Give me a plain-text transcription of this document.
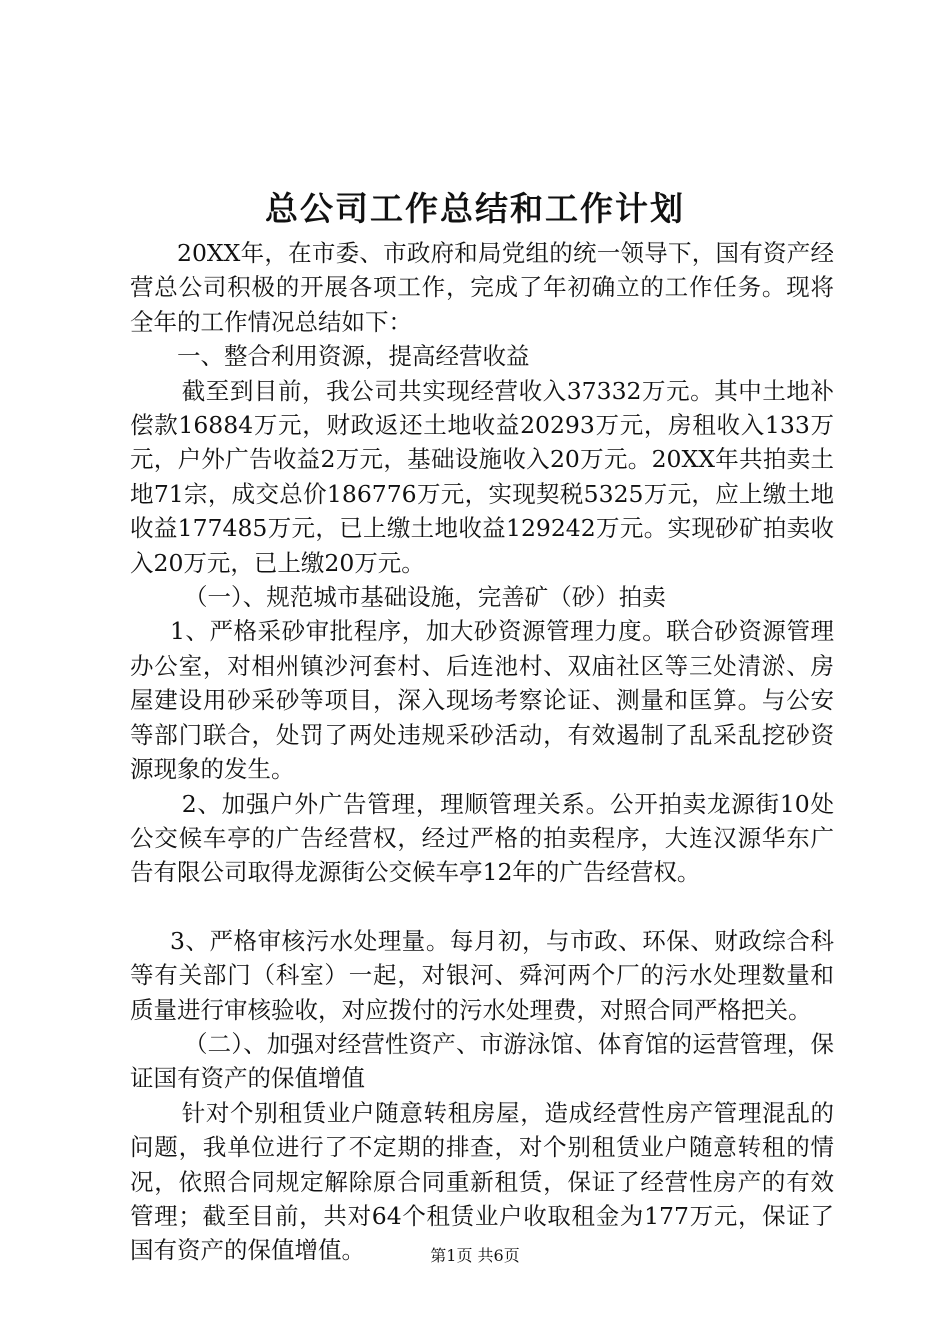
总公司工作总结和工作计划

20XX年，在市委、市政府和局党组的统一领导下，国有资产经营总公司积极的开展各项工作，完成了年初确立的工作任务。现将全年的工作情况总结如下：

一、整合利用资源，提高经营收益

截至到目前，我公司共实现经营收入37332万元。其中土地补偿款16884万元，财政返还土地收益20293万元，房租收入133万元，户外广告收益2万元，基础设施收入20万元。20XX年共拍卖土地71宗，成交总价186776万元，实现契税5325万元，应上缴土地收益177485万元，已上缴土地收益129242万元。实现砂矿拍卖收入20万元，已上缴20万元。

（一）、规范城市基础设施，完善矿（砂）拍卖

1、严格采砂审批程序，加大砂资源管理力度。联合砂资源管理办公室，对相州镇沙河套村、后连池村、双庙社区等三处清淤、房屋建设用砂采砂等项目，深入现场考察论证、测量和匡算。与公安等部门联合，处罚了两处违规采砂活动，有效遏制了乱采乱挖砂资源现象的发生。

2、加强户外广告管理，理顺管理关系。公开拍卖龙源街10处公交候车亭的广告经营权，经过严格的拍卖程序，大连汉源华东广告有限公司取得龙源街公交候车亭12年的广告经营权。

3、严格审核污水处理量。每月初，与市政、环保、财政综合科等有关部门（科室）一起，对银河、舜河两个厂的污水处理数量和质量进行审核验收，对应拨付的污水处理费，对照合同严格把关。

（二）、加强对经营性资产、市游泳馆、体育馆的运营管理，保证国有资产的保值增值

针对个别租赁业户随意转租房屋，造成经营性房产管理混乱的问题，我单位进行了不定期的排查，对个别租赁业户随意转租的情况，依照合同规定解除原合同重新租赁，保证了经营性房产的有效管理；截至目前，共对64个租赁业户收取租金为177万元，保证了国有资产的保值增值。	第1页 共6页
